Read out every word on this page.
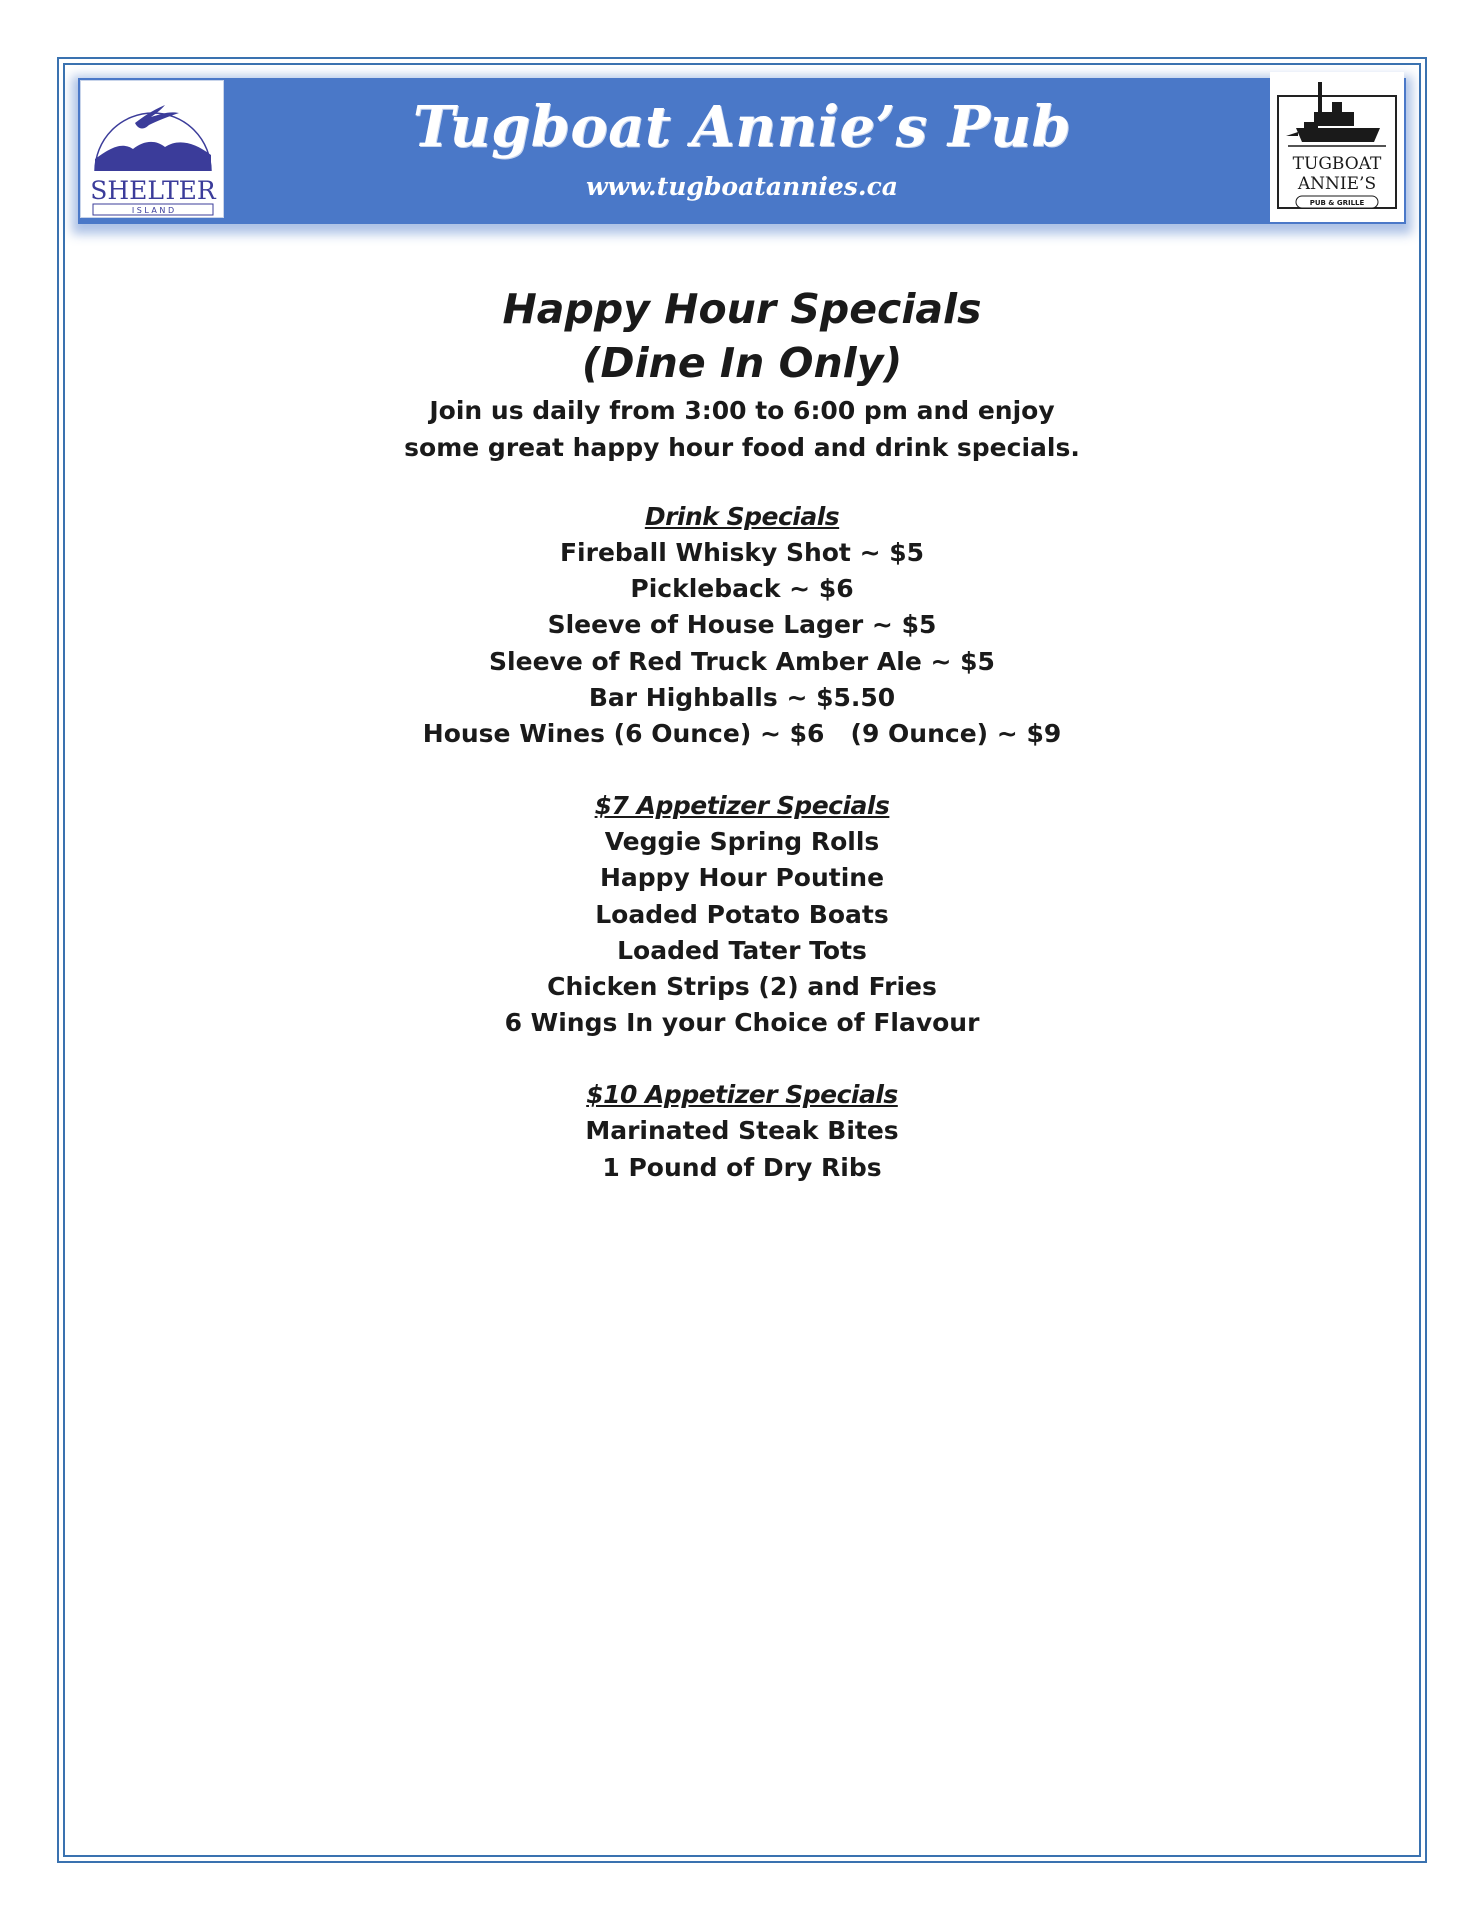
Tugboat Annie’s Pub
www.tugboatannies.ca
SHELTER
I S L A N D
TUGBOAT
ANNIE’S
PUB & GRILLE
Happy Hour Specials
(Dine In Only)
Join us daily from 3:00 to 6:00 pm and enjoy
some great happy hour food and drink specials.
Drink Specials
Fireball Whisky Shot ~ $5
Pickleback ~ $6
Sleeve of House Lager ~ $5
Sleeve of Red Truck Amber Ale ~ $5
Bar Highballs ~ $5.50
House Wines (6 Ounce) ~ $6   (9 Ounce) ~ $9
$7 Appetizer Specials
Veggie Spring Rolls
Happy Hour Poutine
Loaded Potato Boats
Loaded Tater Tots
Chicken Strips (2) and Fries
6 Wings In your Choice of Flavour
$10 Appetizer Specials
Marinated Steak Bites
1 Pound of Dry Ribs
